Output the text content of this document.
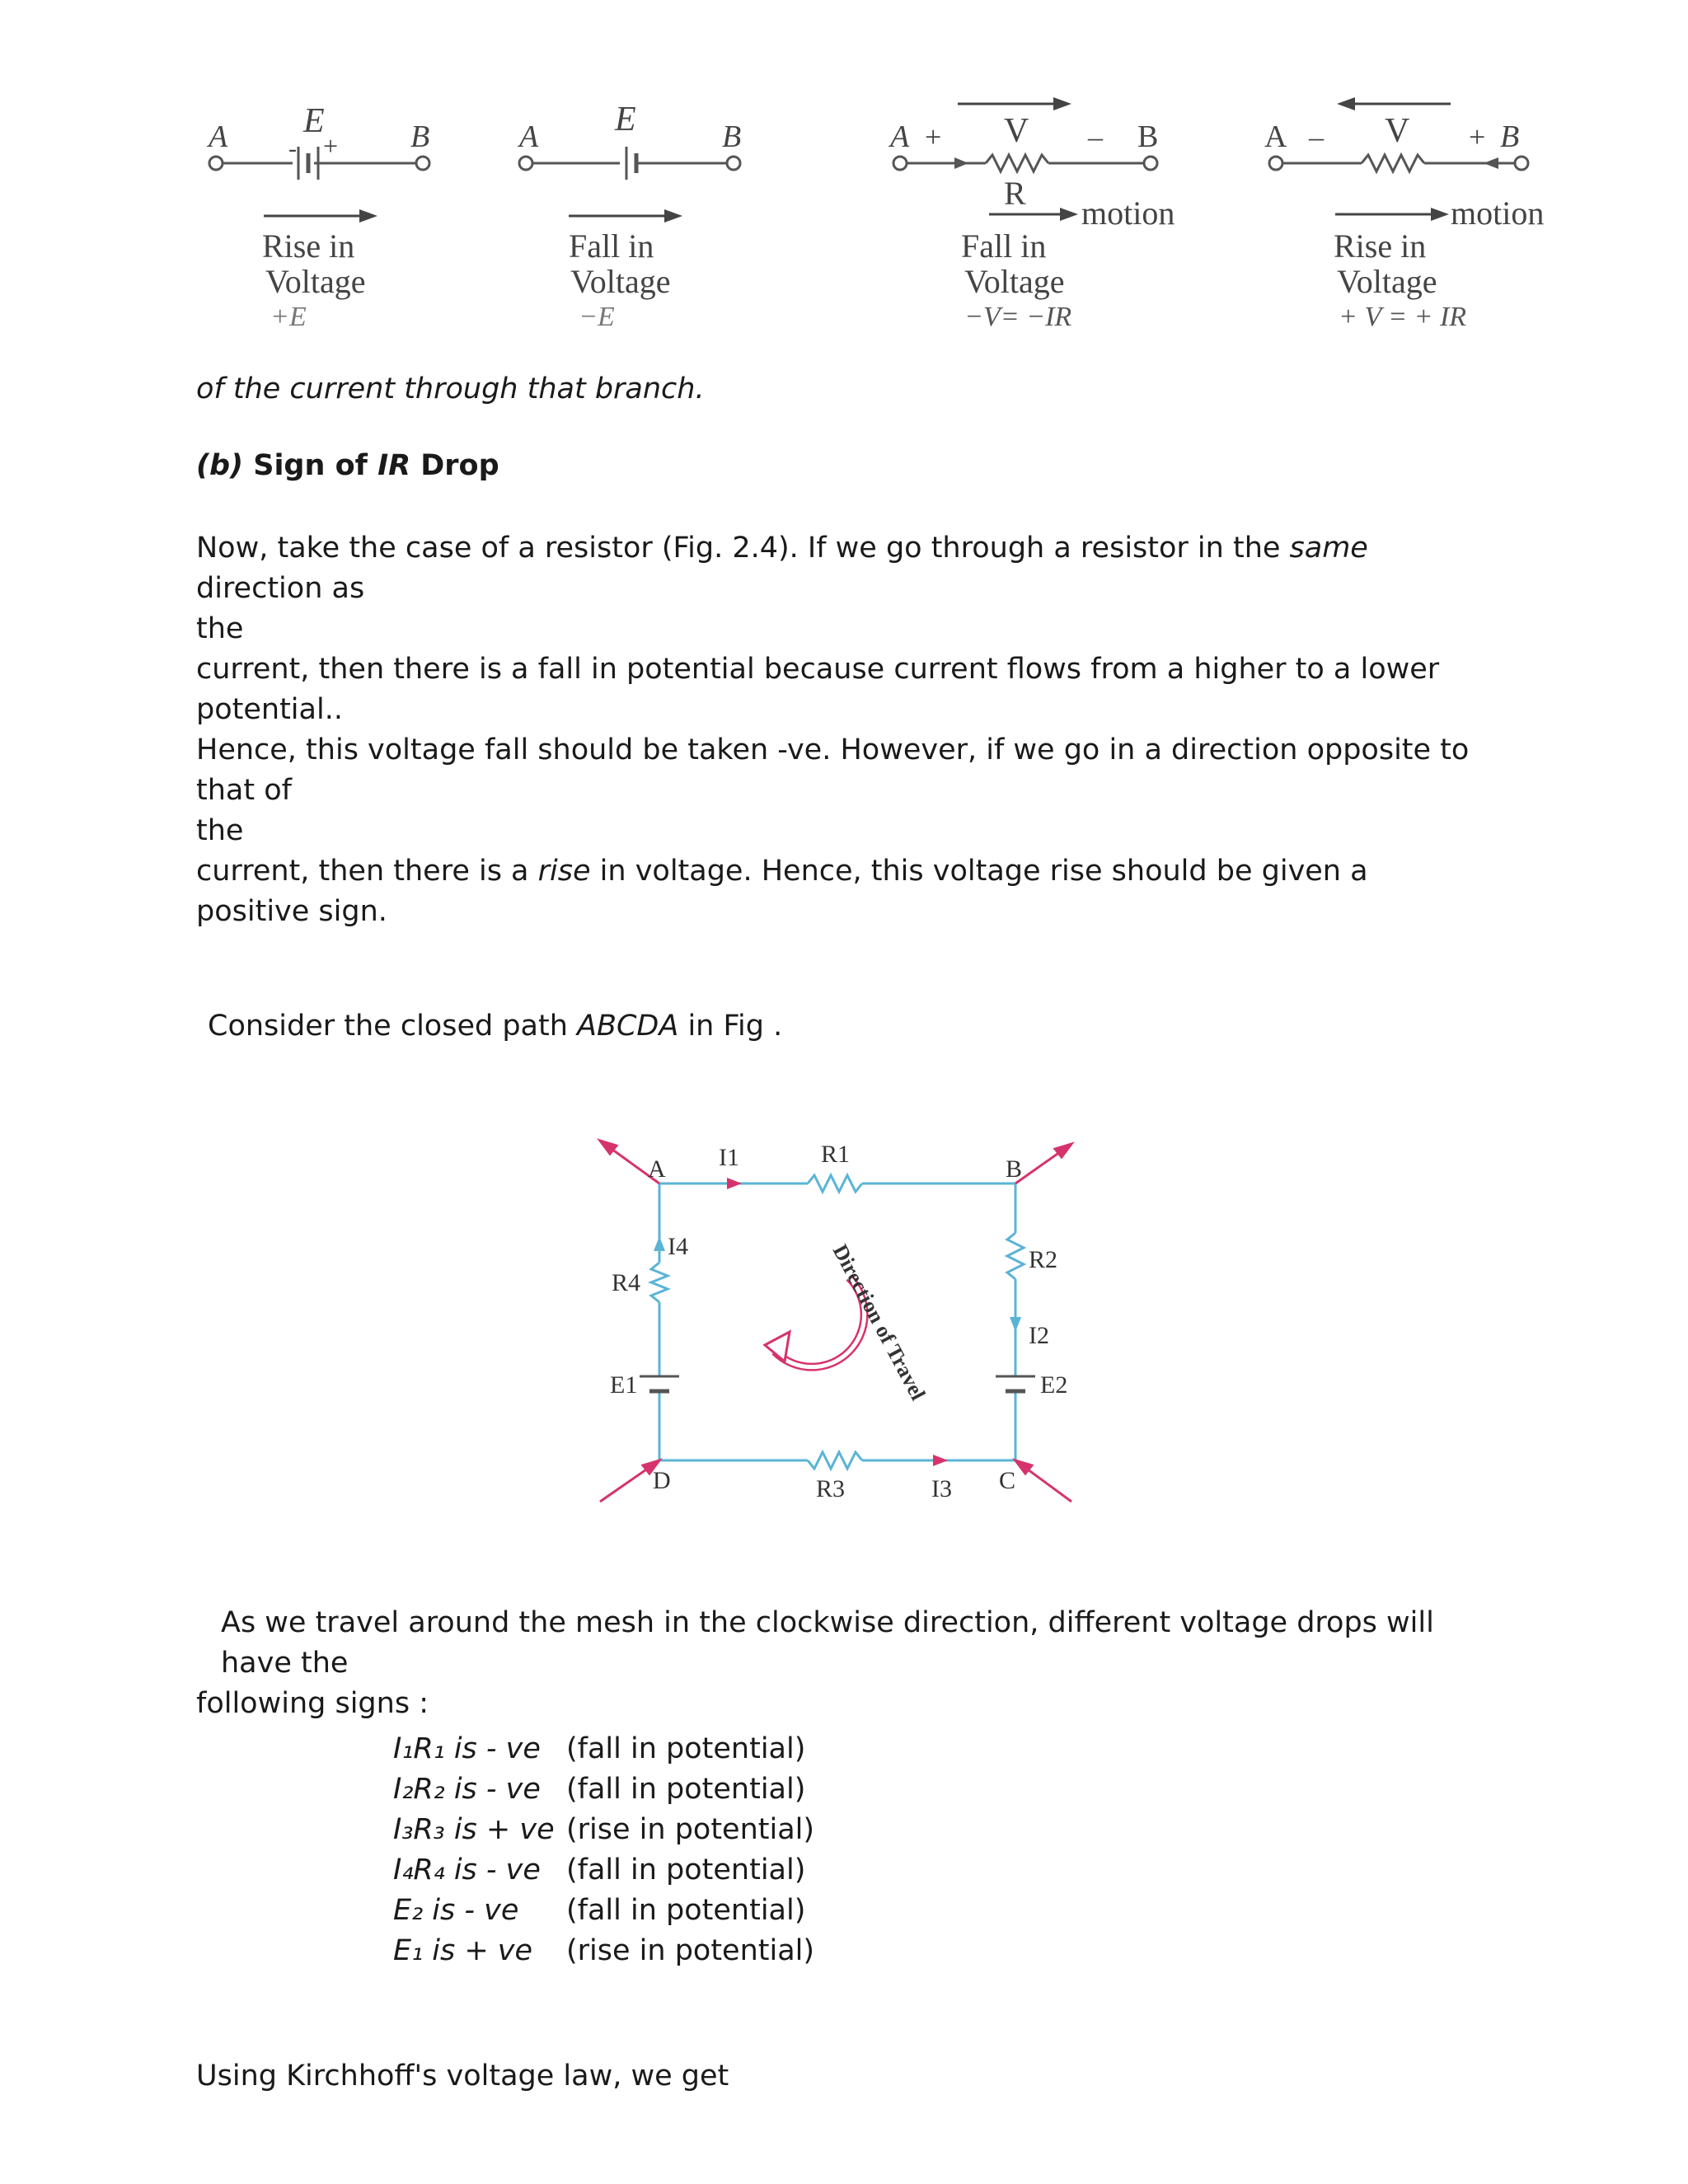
A E
- + B
Rise in
Voltage
+E
A E	B
Fall in
Voltage
−E
A + V – B
R
motion
Fall in
Voltage
−V= −IR
A – V + B
motion
Rise in
Voltage
+ V = + IR
of the current through that branch.
(b) Sign of IR Drop
Now, take the case of a resistor (Fig. 2.4). If we go through a resistor in the same direction as
the
current, then there is a fall in potential because current flows from a higher to a lower
potential..
Hence, this voltage fall should be taken -ve. However, if we go in a direction opposite to that of
the
current, then there is a rise in voltage. Hence, this voltage rise should be given a positive sign.
Consider the closed path ABCDA in Fig .
Direction of Travel
A	B
C
D
R1
R2
R3
R4
I1
I2
I3
I4
E1	E2
As we travel around the mesh in the clockwise direction, different voltage drops will have the
following signs :
I₁R₁ is - ve (fall in potential)
I₂R₂ is - ve (fall in potential)
I₃R₃ is + ve (rise in potential)
I₄R₄ is - ve (fall in potential)
E₂ is - ve	(fall in potential)
E₁ is + ve	(rise in potential)
Using Kirchhoff's voltage law, we get
